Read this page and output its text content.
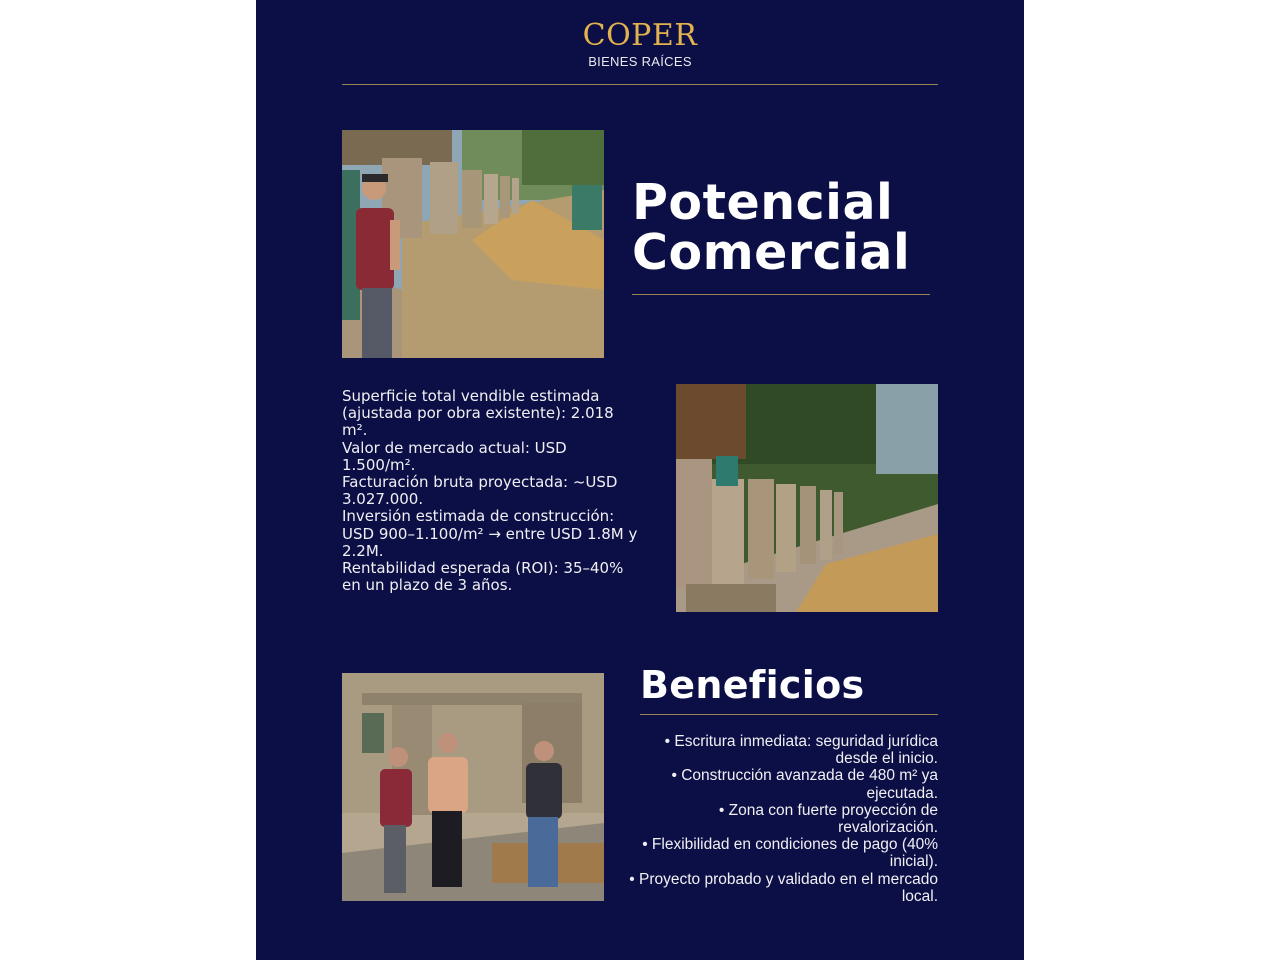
COPER
BIENES RAÍCES
Potencial
Comercial

Superficie total vendible estimada (ajustada por obra existente): 2.018 m².

Valor de mercado actual: USD 1.500/m².

Facturación bruta proyectada: ~USD 3.027.000.

Inversión estimada de construcción: USD 900–1.100/m² → entre USD 1.8M y 2.2M.

Rentabilidad esperada (ROI): 35–40% en un plazo de 3 años.

Beneficios

• Escritura inmediata: seguridad jurídica desde el inicio.

• Construcción avanzada de 480 m² ya ejecutada.

• Zona con fuerte proyección de revalorización.

• Flexibilidad en condiciones de pago (40% inicial).

• Proyecto probado y validado en el mercado local.
